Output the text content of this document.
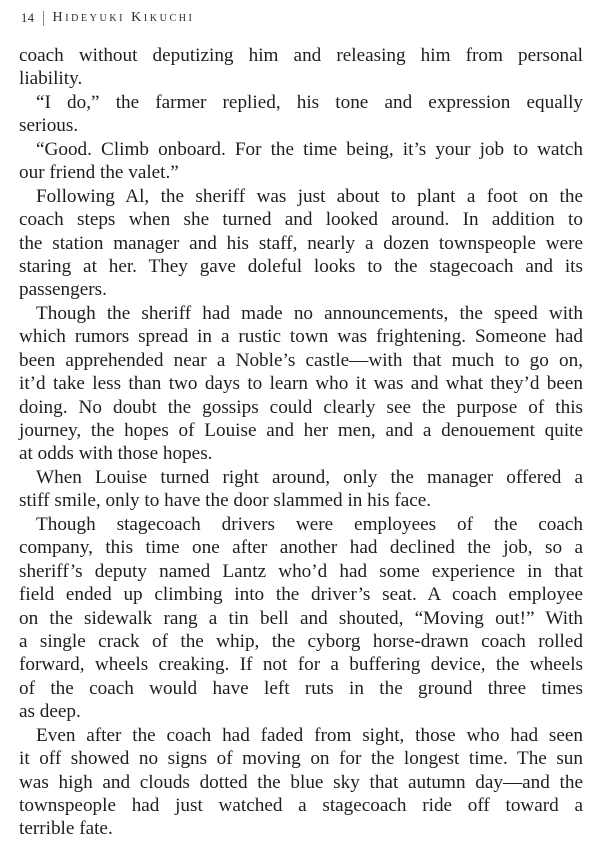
14 Hideyuki Kikuchi
coach without deputizing him and releasing him from personal
liability.
“I do,” the farmer replied, his tone and expression equally
serious.
“Good. Climb onboard. For the time being, it’s your job to watch
our friend the valet.”
Following Al, the sheriff was just about to plant a foot on the
coach steps when she turned and looked around. In addition to
the station manager and his staff, nearly a dozen townspeople were
staring at her. They gave doleful looks to the stagecoach and its
passengers.
Though the sheriff had made no announcements, the speed with
which rumors spread in a rustic town was frightening. Someone had
been apprehended near a Noble’s castle—with that much to go on,
it’d take less than two days to learn who it was and what they’d been
doing. No doubt the gossips could clearly see the purpose of this
journey, the hopes of Louise and her men, and a denouement quite
at odds with those hopes.
When Louise turned right around, only the manager offered a
stiff smile, only to have the door slammed in his face.
Though stagecoach drivers were employees of the coach
company, this time one after another had declined the job, so a
sheriff’s deputy named Lantz who’d had some experience in that
field ended up climbing into the driver’s seat. A coach employee
on the sidewalk rang a tin bell and shouted, “Moving out!” With
a single crack of the whip, the cyborg horse-drawn coach rolled
forward, wheels creaking. If not for a buffering device, the wheels
of the coach would have left ruts in the ground three times
as deep.
Even after the coach had faded from sight, those who had seen
it off showed no signs of moving on for the longest time. The sun
was high and clouds dotted the blue sky that autumn day—and the
townspeople had just watched a stagecoach ride off toward a
terrible fate.
